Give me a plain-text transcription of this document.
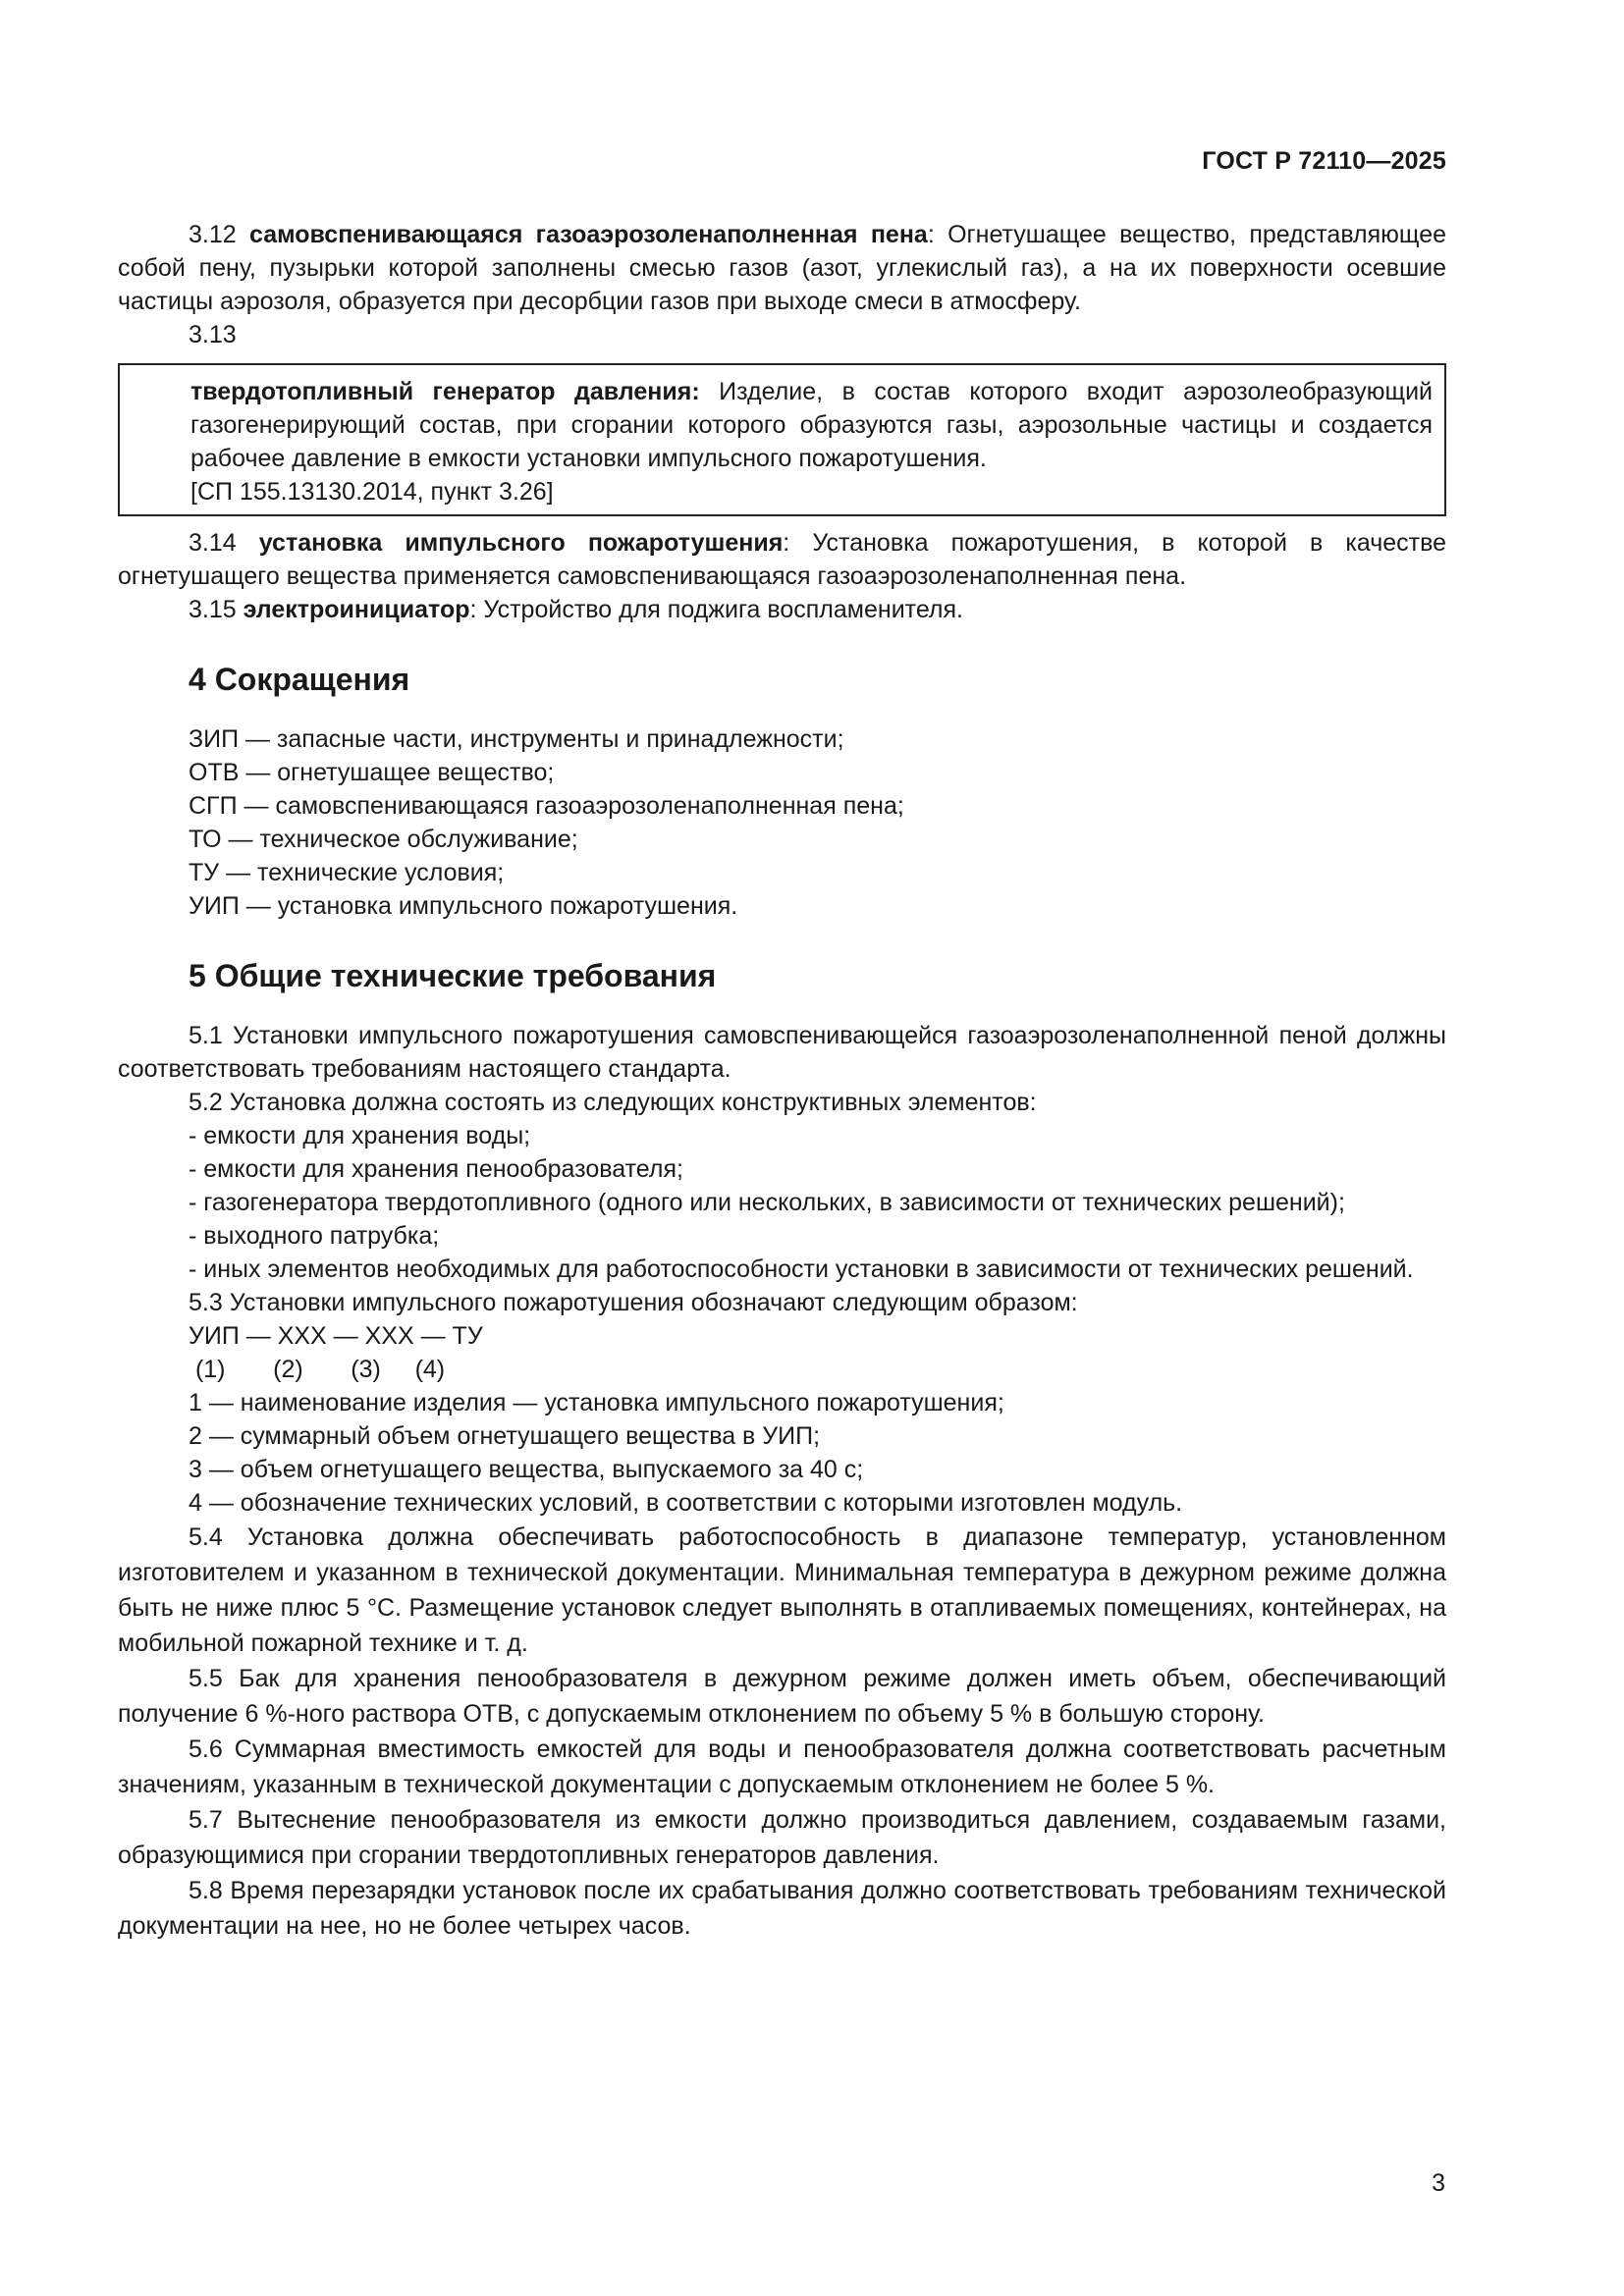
ГОСТ Р 72110—2025

3.12 самовспенивающаяся газоаэрозоленаполненная пена: Огнетушащее вещество, представляющее собой пену, пузырьки которой заполнены смесью газов (азот, углекислый газ), а на их поверхности осевшие частицы аэрозоля, образуется при десорбции газов при выходе смеси в атмосферу.

3.13

твердотопливный генератор давления: Изделие, в состав которого входит аэрозолеобразующий газогенерирующий состав, при сгорании которого образуются газы, аэрозольные частицы и создается рабочее давление в емкости установки импульсного пожаротушения.

[СП 155.13130.2014, пункт 3.26]

3.14 установка импульсного пожаротушения: Установка пожаротушения, в которой в качестве огнетушащего вещества применяется самовспенивающаяся газоаэрозоленаполненная пена.

3.15 электроинициатор: Устройство для поджига воспламенителя.

4 Сокращения

ЗИП — запасные части, инструменты и принадлежности;

ОТВ — огнетушащее вещество;

СГП — самовспенивающаяся газоаэрозоленаполненная пена;

ТО — техническое обслуживание;

ТУ — технические условия;

УИП — установка импульсного пожаротушения.

5 Общие технические требования

5.1 Установки импульсного пожаротушения самовспенивающейся газоаэрозоленаполненной пеной должны соответствовать требованиям настоящего стандарта.

5.2 Установка должна состоять из следующих конструктивных элементов:

- емкости для хранения воды;

- емкости для хранения пенообразователя;

- газогенератора твердотопливного (одного или нескольких, в зависимости от технических решений);

- выходного патрубка;

- иных элементов необходимых для работоспособности установки в зависимости от технических решений.

5.3 Установки импульсного пожаротушения обозначают следующим образом:

УИП — ХХХ — ХХХ — ТУ

(1)       (2)       (3)     (4)

1 — наименование изделия — установка импульсного пожаротушения;

2 — суммарный объем огнетушащего вещества в УИП;

3 — объем огнетушащего вещества, выпускаемого за 40 с;

4 — обозначение технических условий, в соответствии с которыми изготовлен модуль.

5.4 Установка должна обеспечивать работоспособность в диапазоне температур, установленном изготовителем и указанном в технической документации. Минимальная температура в дежурном режиме должна быть не ниже плюс 5 °С. Размещение установок следует выполнять в отапливаемых помещениях, контейнерах, на мобильной пожарной технике и т. д.

5.5 Бак для хранения пенообразователя в дежурном режиме должен иметь объем, обеспечивающий получение 6 %-ного раствора ОТВ, с допускаемым отклонением по объему 5 % в большую сторону.

5.6 Суммарная вместимость емкостей для воды и пенообразователя должна соответствовать расчетным значениям, указанным в технической документации с допускаемым отклонением не более 5 %.

5.7 Вытеснение пенообразователя из емкости должно производиться давлением, создаваемым газами, образующимися при сгорании твердотопливных генераторов давления.

5.8 Время перезарядки установок после их срабатывания должно соответствовать требованиям технической документации на нее, но не более четырех часов.

3
